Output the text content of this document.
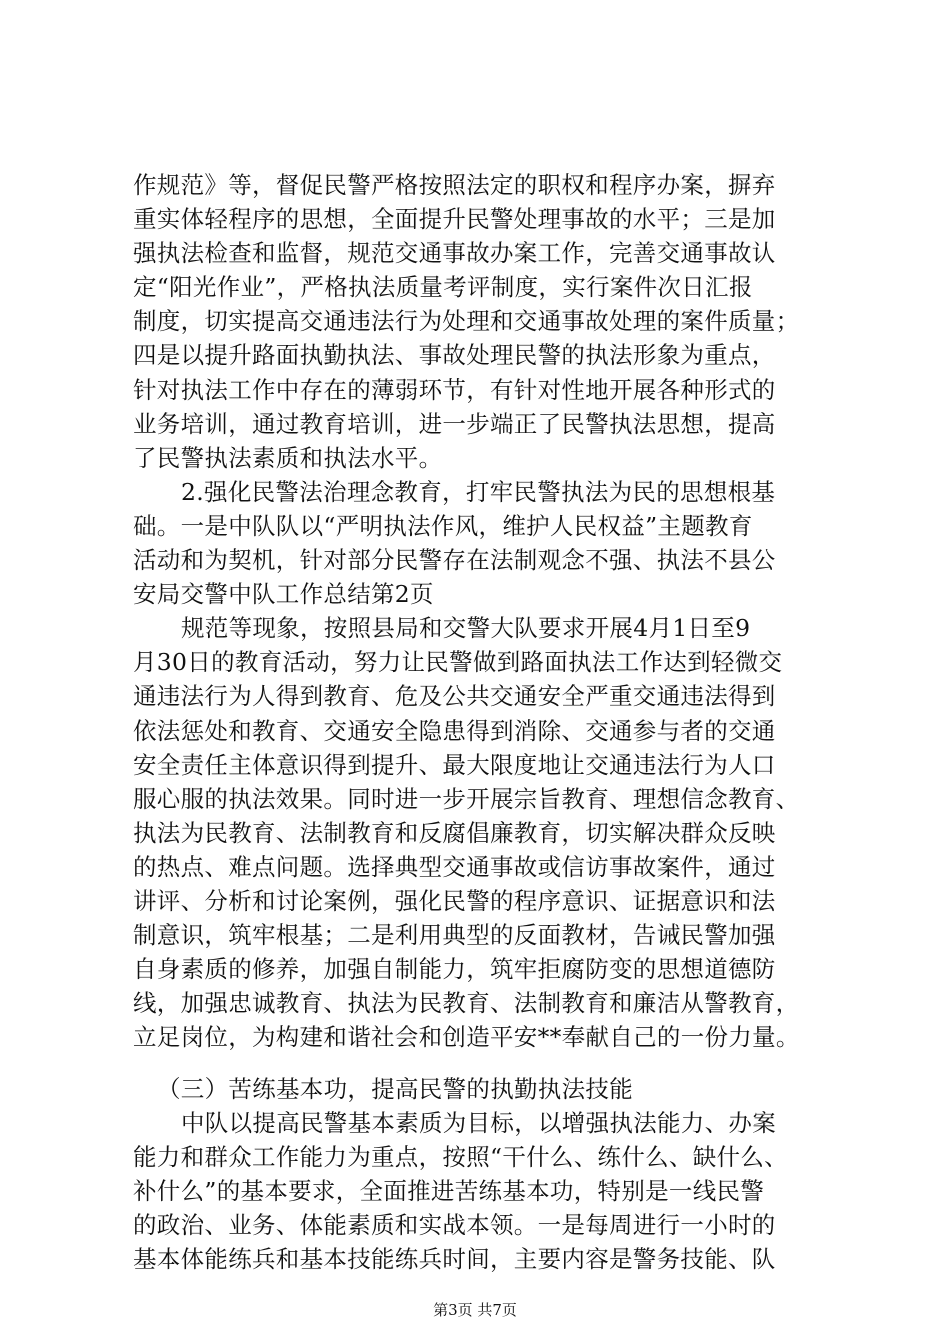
作规范》等，督促民警严格按照法定的职权和程序办案，摒弃
重实体轻程序的思想，全面提升民警处理事故的水平；三是加
强执法检查和监督，规范交通事故办案工作，完善交通事故认
定“阳光作业”，严格执法质量考评制度，实行案件次日汇报
制度，切实提高交通违法行为处理和交通事故处理的案件质量；
四是以提升路面执勤执法、事故处理民警的执法形象为重点，
针对执法工作中存在的薄弱环节，有针对性地开展各种形式的
业务培训，通过教育培训，进一步端正了民警执法思想，提高
了民警执法素质和执法水平。
2.强化民警法治理念教育，打牢民警执法为民的思想根基
础。一是中队队以“严明执法作风，维护人民权益”主题教育
活动和为契机，针对部分民警存在法制观念不强、执法不县公
安局交警中队工作总结第2页
规范等现象，按照县局和交警大队要求开展4月1日至9
月30日的教育活动，努力让民警做到路面执法工作达到轻微交
通违法行为人得到教育、危及公共交通安全严重交通违法得到
依法惩处和教育、交通安全隐患得到消除、交通参与者的交通
安全责任主体意识得到提升、最大限度地让交通违法行为人口
服心服的执法效果。同时进一步开展宗旨教育、理想信念教育、
执法为民教育、法制教育和反腐倡廉教育，切实解决群众反映
的热点、难点问题。选择典型交通事故或信访事故案件，通过
讲评、分析和讨论案例，强化民警的程序意识、证据意识和法
制意识，筑牢根基；二是利用典型的反面教材，告诫民警加强
自身素质的修养，加强自制能力，筑牢拒腐防变的思想道德防
线，加强忠诚教育、执法为民教育、法制教育和廉洁从警教育，
立足岗位，为构建和谐社会和创造平安**奉献自己的一份力量。
（三）苦练基本功，提高民警的执勤执法技能
中队以提高民警基本素质为目标，以增强执法能力、办案
能力和群众工作能力为重点，按照“干什么、练什么、缺什么、
补什么”的基本要求，全面推进苦练基本功，特别是一线民警
的政治、业务、体能素质和实战本领。一是每周进行一小时的
基本体能练兵和基本技能练兵时间，主要内容是警务技能、队
第3页 共7页
